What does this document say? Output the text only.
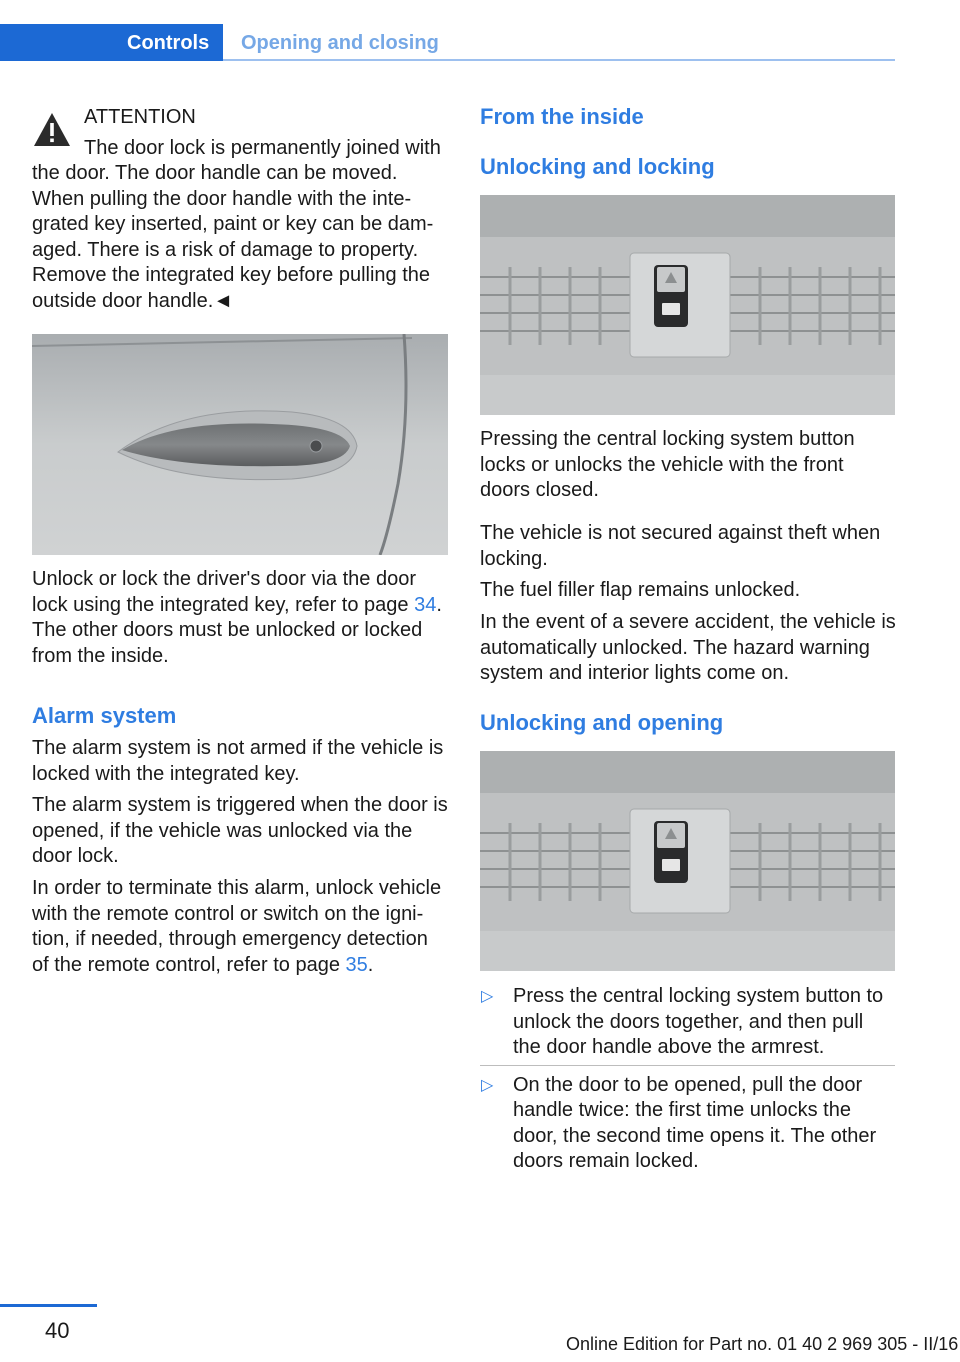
Controls Opening and closing
ATTENTION
The door lock is permanently joined with
the door. The door handle can be moved.
When pulling the door handle with the inte‐
grated key inserted, paint or key can be dam‐
aged. There is a risk of damage to property.
Remove the integrated key before pulling the
outside door handle.◄
Unlock or lock the driver's door via the door
lock using the integrated key, refer to page 34.
The other doors must be unlocked or locked
from the inside.
Alarm system
The alarm system is not armed if the vehicle is
locked with the integrated key.
The alarm system is triggered when the door is
opened, if the vehicle was unlocked via the
door lock.
In order to terminate this alarm, unlock vehicle
with the remote control or switch on the igni‐
tion, if needed, through emergency detection
of the remote control, refer to page 35.
From the inside
Unlocking and locking
Pressing the central locking system button
locks or unlocks the vehicle with the front
doors closed.
The vehicle is not secured against theft when
locking.
The fuel filler flap remains unlocked.
In the event of a severe accident, the vehicle is
automatically unlocked. The hazard warning
system and interior lights come on.
Unlocking and opening
▷ Press the central locking system button to
unlock the doors together, and then pull
the door handle above the armrest.
▷ On the door to be opened, pull the door
handle twice: the first time unlocks the
door, the second time opens it. The other
doors remain locked.
40
Online Edition for Part no. 01 40 2 969 305 - II/16
